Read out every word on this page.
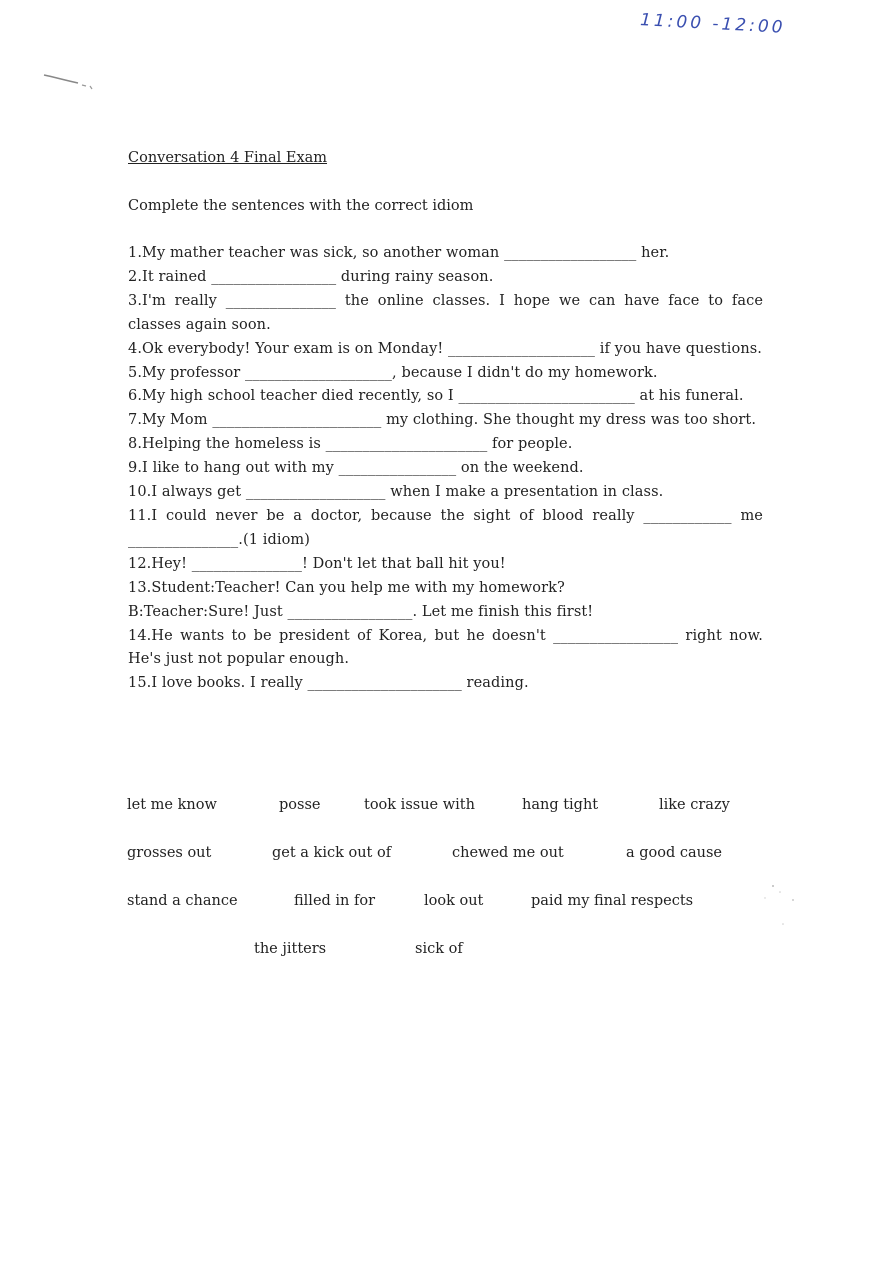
11:00 -12:00
Conversation 4 Final Exam
Complete the sentences with the correct idiom
1.My mather teacher was sick, so another woman __________________ her.
2.It rained _________________ during rainy season.
3.I'm really _______________ the online classes. I hope we can have face to face classes again soon.
4.Ok everybody! Your exam is on Monday! ____________________ if you have questions.
5.My professor ____________________, because I didn't do my homework.
6.My high school teacher died recently, so I ________________________ at his funeral.
7.My Mom _______________________ my clothing. She thought my dress was too short.
8.Helping the homeless is ______________________ for people.
9.I like to hang out with my ________________ on the weekend.
10.I always get ___________________ when I make a presentation in class.
11.I could never be a doctor, because the sight of blood really ____________ me _______________.(1 idiom)
12.Hey! _______________! Don't let that ball hit you!
13.Student:Teacher! Can you help me with my homework?
B:Teacher:Sure! Just _________________. Let me finish this first!
14.He wants to be president of Korea, but he doesn't _________________ right now. He's just not popular enough.
15.I love books. I really _____________________ reading.
let me know	posse	took issue with	hang tight	like crazy
grosses out	get a kick out of	chewed me out	a good cause
stand a chance	filled in for	look out	paid my final respects
the jitters	sick of
